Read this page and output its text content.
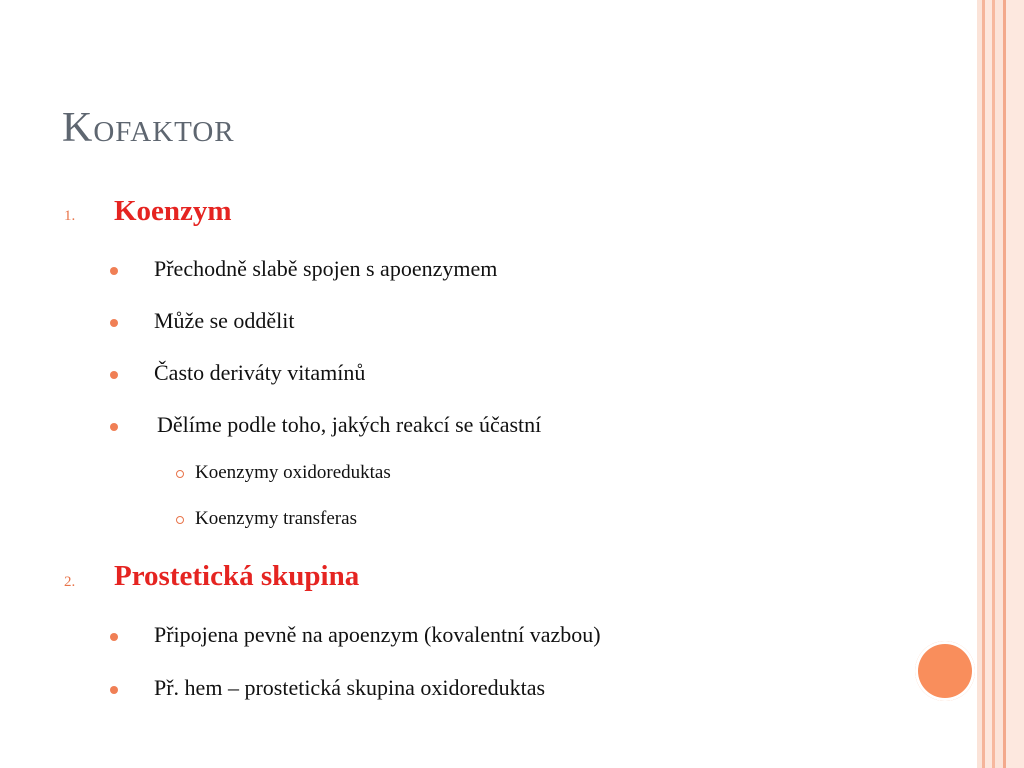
Kofaktor
1. Koenzym
Přechodně slabě spojen s apoenzymem
Může se oddělit
Často deriváty vitamínů
Dělíme podle toho, jakých reakcí se účastní
Koenzymy oxidoreduktas
Koenzymy transferas
2. Prostetická skupina
Připojena pevně na apoenzym (kovalentní vazbou)
Př. hem – prostetická skupina oxidoreduktas
